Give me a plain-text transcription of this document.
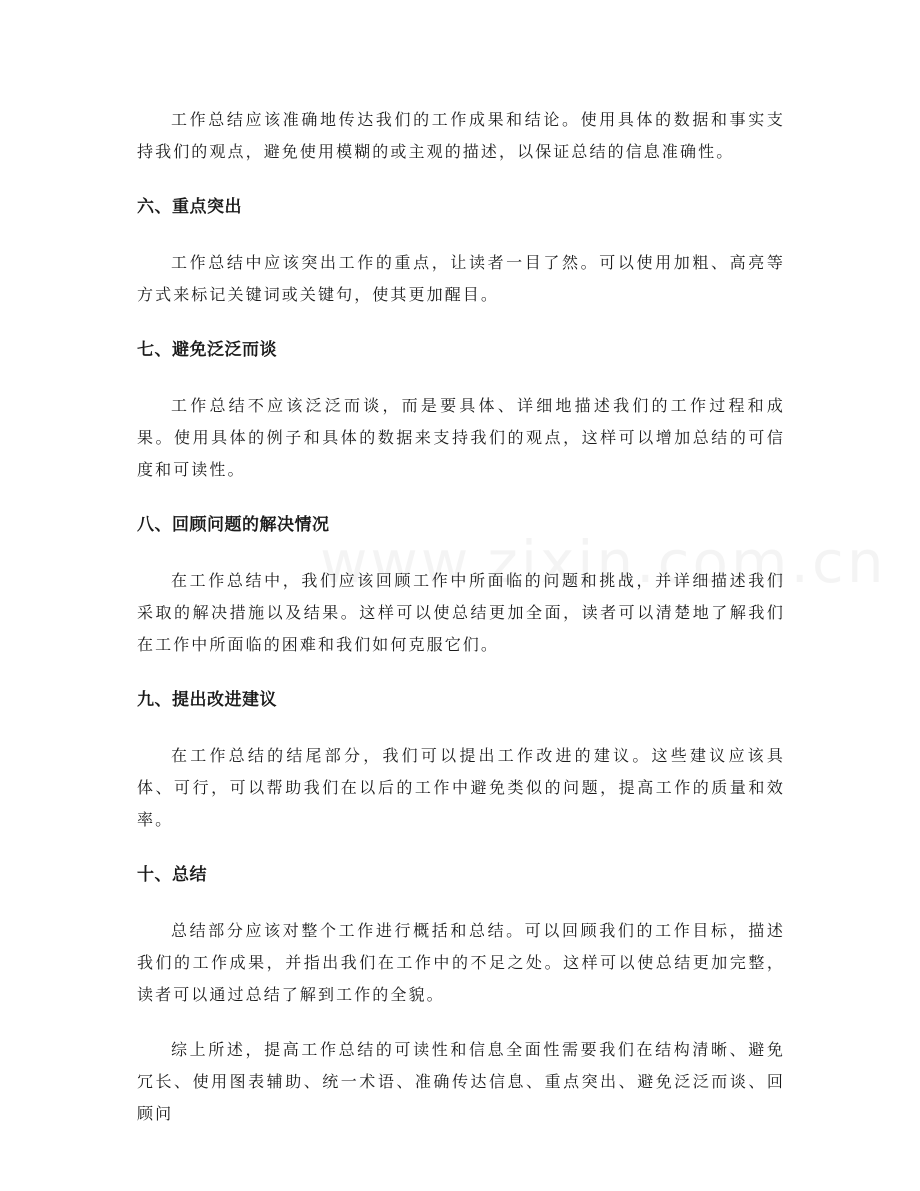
工作总结应该准确地传达我们的工作成果和结论。使用具体的数据和事实支持我们的观点，避免使用模糊的或主观的描述，以保证总结的信息准确性。

六、重点突出

工作总结中应该突出工作的重点，让读者一目了然。可以使用加粗、高亮等方式来标记关键词或关键句，使其更加醒目。

七、避免泛泛而谈

工作总结不应该泛泛而谈，而是要具体、详细地描述我们的工作过程和成果。使用具体的例子和具体的数据来支持我们的观点，这样可以增加总结的可信度和可读性。

八、回顾问题的解决情况

在工作总结中，我们应该回顾工作中所面临的问题和挑战，并详细描述我们采取的解决措施以及结果。这样可以使总结更加全面，读者可以清楚地了解我们在工作中所面临的困难和我们如何克服它们。

九、提出改进建议

在工作总结的结尾部分，我们可以提出工作改进的建议。这些建议应该具体、可行，可以帮助我们在以后的工作中避免类似的问题，提高工作的质量和效率。

十、总结

总结部分应该对整个工作进行概括和总结。可以回顾我们的工作目标，描述我们的工作成果，并指出我们在工作中的不足之处。这样可以使总结更加完整，读者可以通过总结了解到工作的全貌。

综上所述，提高工作总结的可读性和信息全面性需要我们在结构清晰、避免冗长、使用图表辅助、统一术语、准确传达信息、重点突出、避免泛泛而谈、回顾问
